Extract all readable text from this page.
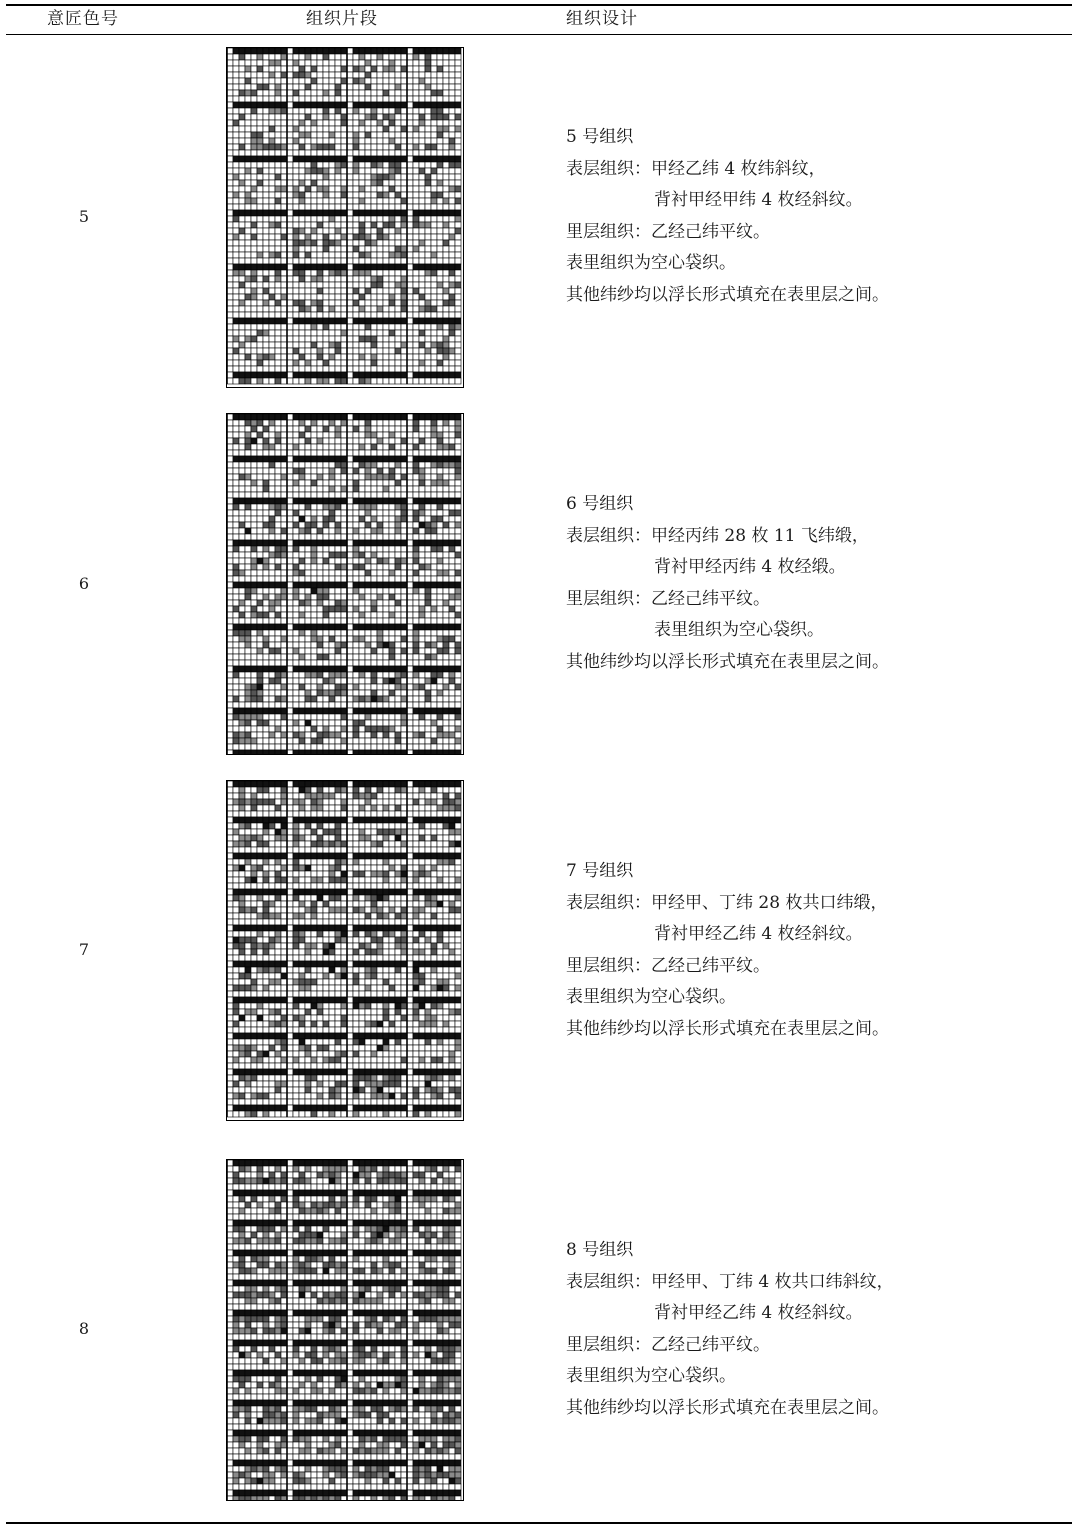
意匠色号	组织片段	组织设计
5
5 号组织
表层组织：甲经乙纬 4 枚纬斜纹，
背衬甲经甲纬 4 枚经斜纹。
里层组织：乙经己纬平纹。
表里组织为空心袋织。
其他纬纱均以浮长形式填充在表里层之间。
6
6 号组织
表层组织：甲经丙纬 28 枚 11 飞纬缎，
背衬甲经丙纬 4 枚经缎。
里层组织：乙经己纬平纹。
表里组织为空心袋织。
其他纬纱均以浮长形式填充在表里层之间。
7
7 号组织
表层组织：甲经甲、丁纬 28 枚共口纬缎，
背衬甲经乙纬 4 枚经斜纹。
里层组织：乙经己纬平纹。
表里组织为空心袋织。
其他纬纱均以浮长形式填充在表里层之间。
8
8 号组织
表层组织：甲经甲、丁纬 4 枚共口纬斜纹，
背衬甲经乙纬 4 枚经斜纹。
里层组织：乙经己纬平纹。
表里组织为空心袋织。
其他纬纱均以浮长形式填充在表里层之间。
